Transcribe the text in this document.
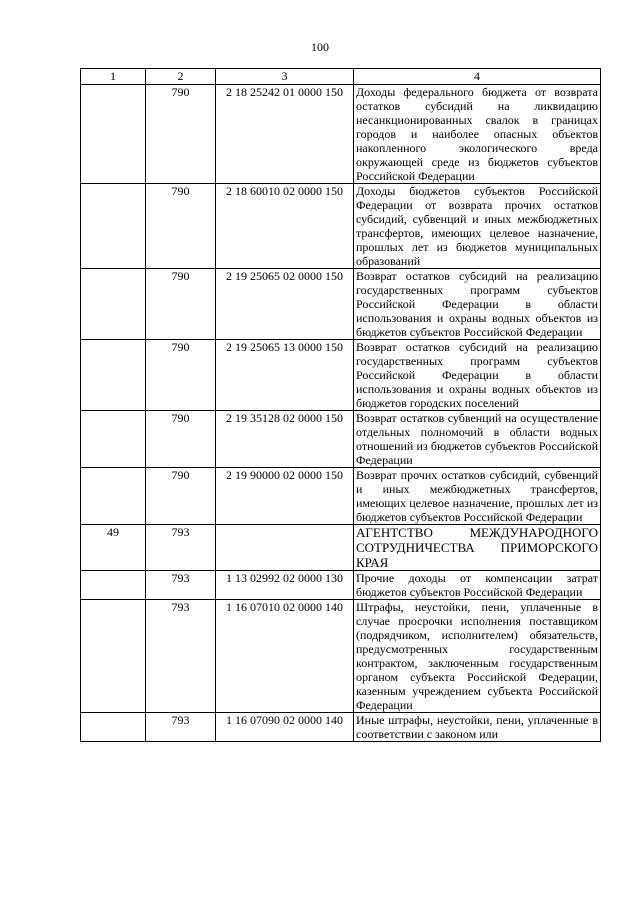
100
1	2	3	4
	790	2 18 25242 01 0000 150	Доходы федерального бюджета от возврата остатков субсидий на ликвидацию несанкционированных свалок в границах городов и наиболее опасных объектов накопленного экологического вреда окружающей среде из бюджетов субъектов Российской Федерации
	790	2 18 60010 02 0000 150	Доходы бюджетов субъектов Российской Федерации от возврата прочих остатков субсидий, субвенций и иных межбюджетных трансфертов, имеющих целевое назначение, прошлых лет из бюджетов муниципальных образований
	790	2 19 25065 02 0000 150	Возврат остатков субсидий на реализацию государственных программ субъектов Российской Федерации в области использования и охраны водных объектов из бюджетов субъектов Российской Федерации
	790	2 19 25065 13 0000 150	Возврат остатков субсидий на реализацию государственных программ субъектов Российской Федерации в области использования и охраны водных объектов из бюджетов городских поселений
	790	2 19 35128 02 0000 150	Возврат остатков субвенций на осуществление отдельных полномочий в области водных отношений из бюджетов субъектов Российской Федерации
	790	2 19 90000 02 0000 150	Возврат прочих остатков субсидий, субвенций и иных межбюджетных трансфертов, имеющих целевое назначение, прошлых лет из бюджетов субъектов Российской Федерации
49	793		АГЕНТСТВО МЕЖДУНАРОДНОГО СОТРУДНИЧЕСТВА ПРИМОРСКОГО КРАЯ
	793	1 13 02992 02 0000 130	Прочие доходы от компенсации затрат бюджетов субъектов Российской Федерации
	793	1 16 07010 02 0000 140	Штрафы, неустойки, пени, уплаченные в случае просрочки исполнения поставщиком (подрядчиком, исполнителем) обязательств, предусмотренных государственным контрактом, заключенным государственным органом субъекта Российской Федерации, казенным учреждением субъекта Российской Федерации
	793	1 16 07090 02 0000 140	Иные штрафы, неустойки, пени, уплаченные в соответствии с законом или
